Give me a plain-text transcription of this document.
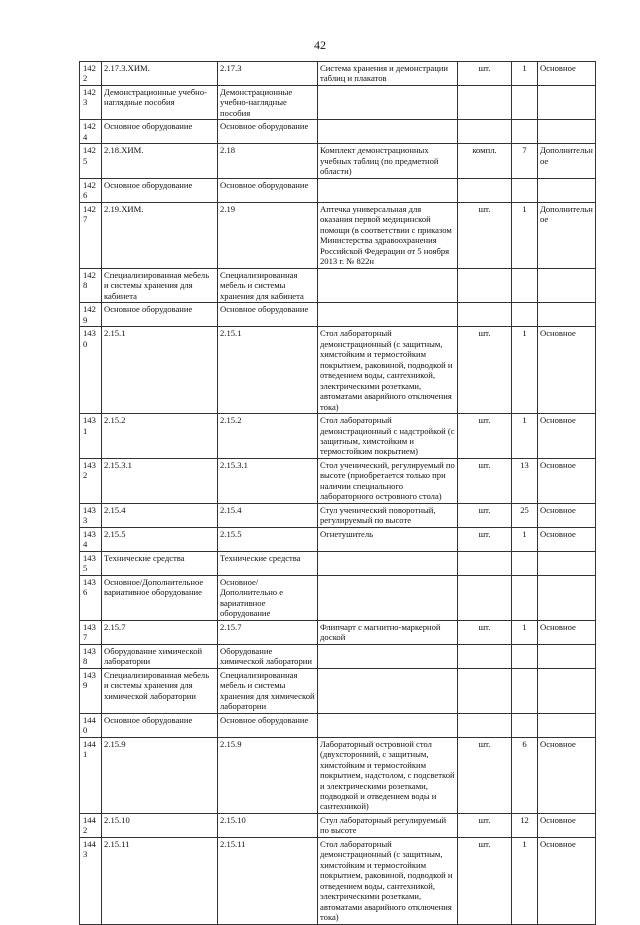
42
1422	2.17.3.ХИМ.	2.17.3	Система хранения и демонстрации таблиц и плакатов	шт.	1	Основное
1423	Демонстрационные учебно-наглядные пособия	Демонстрационные учебно-наглядные пособия				
1424	Основное оборудование	Основное оборудование				
1425	2.18.ХИМ.	2.18	Комплект демонстрационных учебных таблиц (по предметной области)	компл.	7	Дополнительное
1426	Основное оборудование	Основное оборудование				
1427	2.19.ХИМ.	2.19	Аптечка универсальная для оказания первой медицинской помощи (в соответствии с приказом Министерства здравоохранения Российской Федерации от 5 ноября 2013 г. № 822н	шт.	1	Дополнительное
1428	Специализированная мебель и системы хранения для кабинета	Специализированная мебель и системы хранения для кабинета				
1429	Основное оборудование	Основное оборудование				
1430	2.15.1	2.15.1	Стол лабораторный демонстрационный (с защитным, химстойким и термостойким покрытием, раковиной, подводкой и отведением воды, сантехникой, электрическими розетками, автоматами аварийного отключения тока)	шт.	1	Основное
1431	2.15.2	2.15.2	Стол лабораторный демонстрационный с надстройкой (с защитным, химстойким и термостойким покрытием)	шт.	1	Основное
1432	2.15.3.1	2.15.3.1	Стол ученический, регулируемый по высоте (приобретается только при наличии специального лабораторного островного стола)	шт.	13	Основное
1433	2.15.4	2.15.4	Стул ученический поворотный, регулируемый по высоте	шт.	25	Основное
1434	2.15.5	2.15.5	Огнетушитель	шт.	1	Основное
1435	Технические средства	Технические средства				
1436	Основное/Дополнительное вариативное оборудование	Основное/Дополнительно е вариативное оборудование				
1437	2.15.7	2.15.7	Флипчарт с магнитно-маркерной доской	шт.	1	Основное
1438	Оборудование химической лаборатории	Оборудование химической лаборатории				
1439	Специализированная мебель и системы хранения для химической лаборатории	Специализированная мебель и системы хранения для химической лаборатории				
1440	Основное оборудование	Основное оборудование				
1441	2.15.9	2.15.9	Лабораторный островной стол (двухсторонний, с защитным, химстойким и термостойким покрытием, надстолом, с подсветкой и электрическими розетками, подводкой и отведением воды и сантехникой)	шт.	6	Основное
1442	2.15.10	2.15.10	Стул лабораторный регулируемый по высоте	шт.	12	Основное
1443	2.15.11	2.15.11	Стол лабораторный демонстрационный (с защитным, химстойким и термостойким покрытием, раковиной, подводкой и отведением воды, сантехникой, электрическими розетками, автоматами аварийного отключения тока)	шт.	1	Основное
